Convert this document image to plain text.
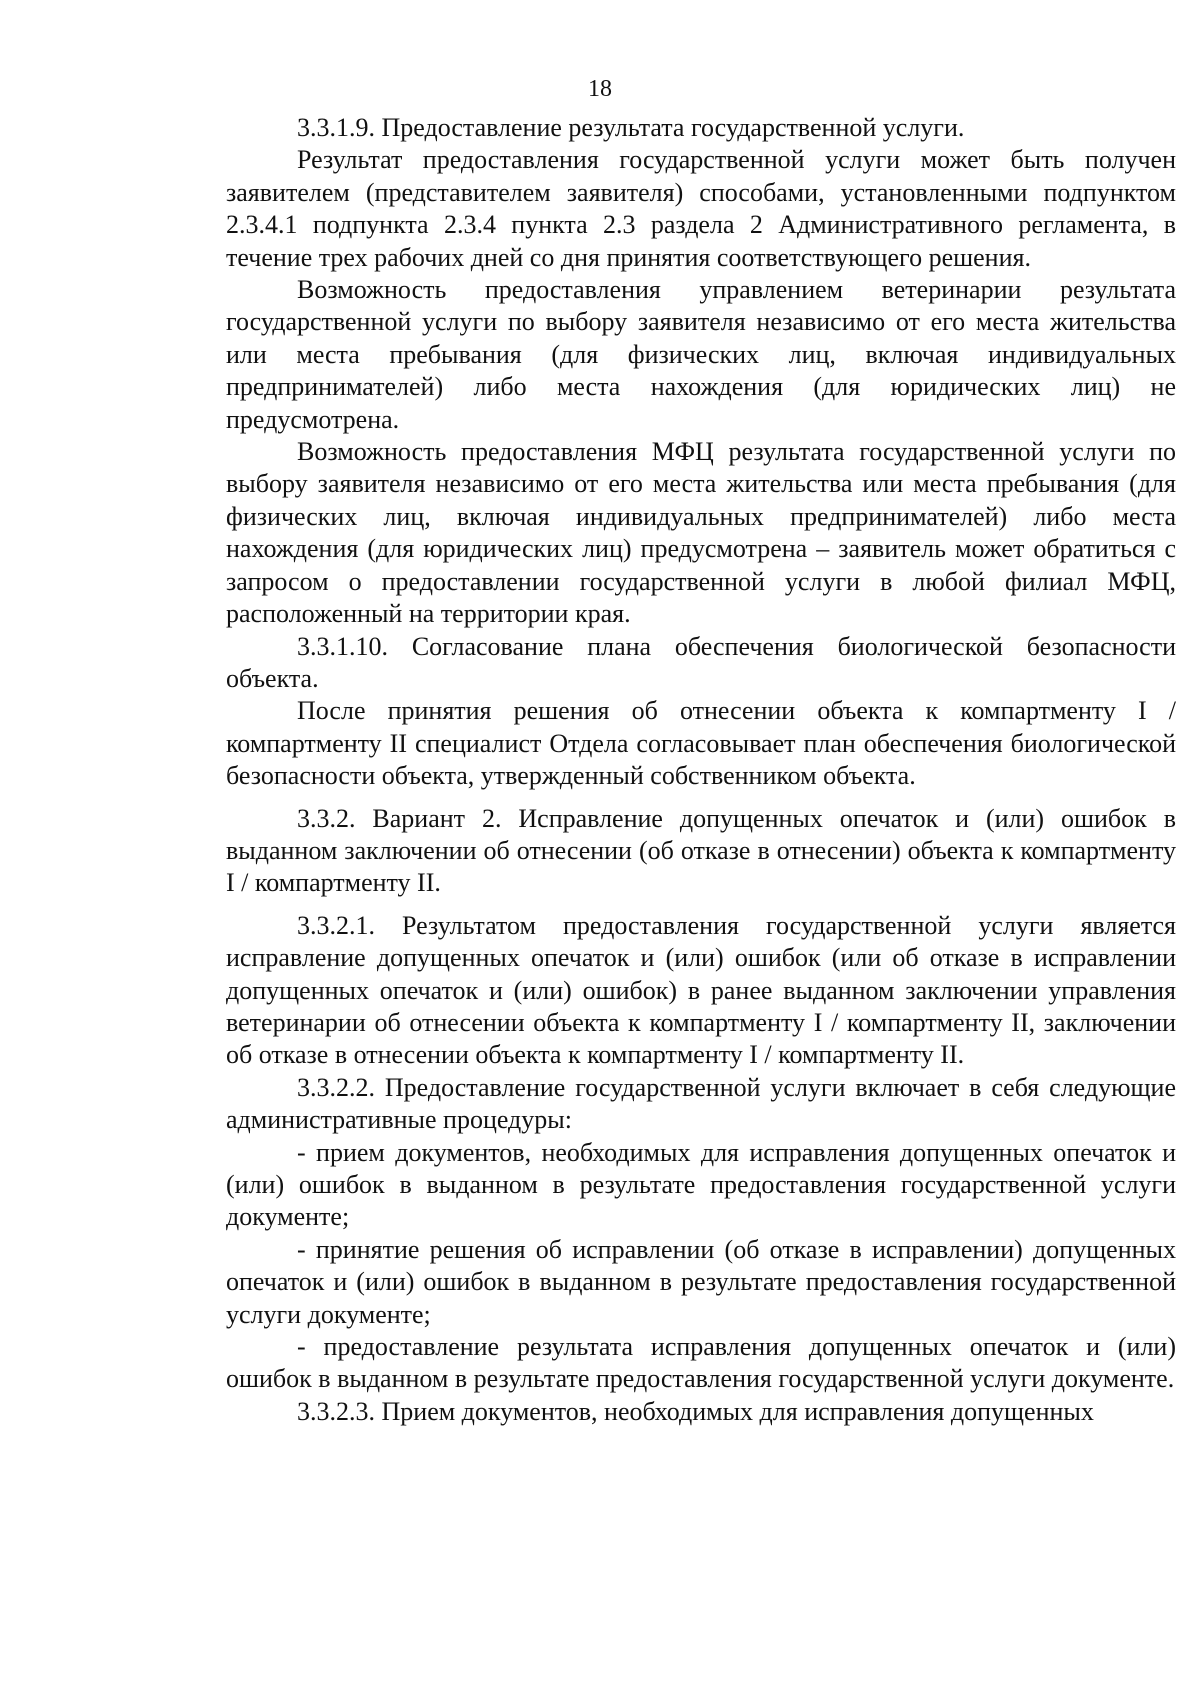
18

3.3.1.9. Предоставление результата государственной услуги.

Результат предоставления государственной услуги может быть получен заявителем (представителем заявителя) способами, установленными подпунктом 2.3.4.1 подпункта 2.3.4 пункта 2.3 раздела 2 Административного регламента, в течение трех рабочих дней со дня принятия соответствующего решения.

Возможность предоставления управлением ветеринарии результата государственной услуги по выбору заявителя независимо от его места жительства или места пребывания (для физических лиц, включая индивидуальных предпринимателей) либо места нахождения (для юридических лиц) не предусмотрена.

Возможность предоставления МФЦ результата государственной услуги по выбору заявителя независимо от его места жительства или места пребывания (для физических лиц, включая индивидуальных предпринимателей) либо места нахождения (для юридических лиц) предусмотрена – заявитель может обратиться с запросом о предоставлении государственной услуги в любой филиал МФЦ, расположенный на территории края.

3.3.1.10. Согласование плана обеспечения биологической безопасности объекта.

После принятия решения об отнесении объекта к компартменту I / компартменту II специалист Отдела согласовывает план обеспечения биологической безопасности объекта, утвержденный собственником объекта.

3.3.2. Вариант 2. Исправление допущенных опечаток и (или) ошибок в выданном заключении об отнесении (об отказе в отнесении) объекта к компартменту I / компартменту II.

3.3.2.1. Результатом предоставления государственной услуги является исправление допущенных опечаток и (или) ошибок (или об отказе в исправлении допущенных опечаток и (или) ошибок) в ранее выданном заключении управления ветеринарии об отнесении объекта к компартменту I / компартменту II, заключении об отказе в отнесении объекта к компартменту I / компартменту II.

3.3.2.2. Предоставление государственной услуги включает в себя следующие административные процедуры:

- прием документов, необходимых для исправления допущенных опечаток и (или) ошибок в выданном в результате предоставления государственной услуги документе;

- принятие решения об исправлении (об отказе в исправлении) допущенных опечаток и (или) ошибок в выданном в результате предоставления государственной услуги документе;

- предоставление результата исправления допущенных опечаток и (или) ошибок в выданном в результате предоставления государственной услуги документе.

3.3.2.3. Прием документов, необходимых для исправления допущенных
